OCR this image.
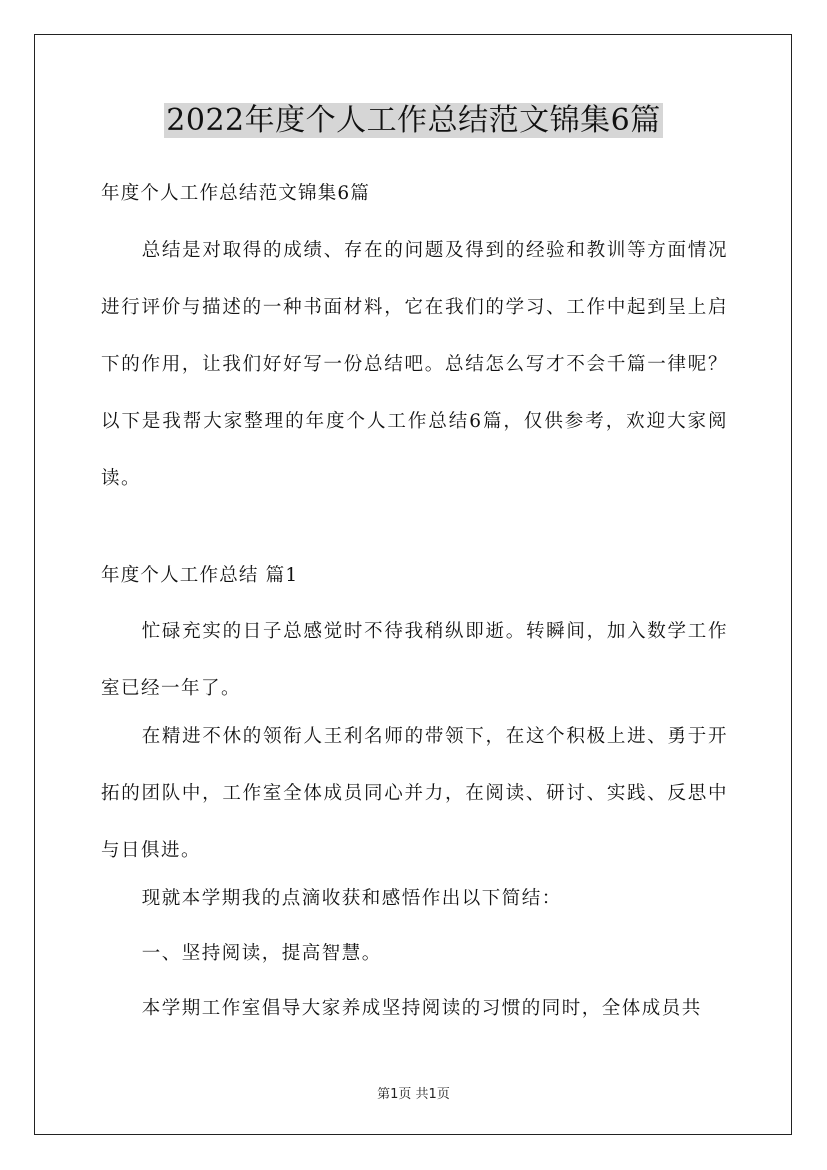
2022年度个人工作总结范文锦集6篇

年度个人工作总结范文锦集6篇

总结是对取得的成绩、存在的问题及得到的经验和教训等方面情况进行评价与描述的一种书面材料，它在我们的学习、工作中起到呈上启下的作用，让我们好好写一份总结吧。总结怎么写才不会千篇一律呢？以下是我帮大家整理的年度个人工作总结6篇，仅供参考，欢迎大家阅读。

年度个人工作总结 篇1

忙碌充实的日子总感觉时不待我稍纵即逝。转瞬间，加入数学工作室已经一年了。

在精进不休的领衔人王利名师的带领下，在这个积极上进、勇于开拓的团队中，工作室全体成员同心并力，在阅读、研讨、实践、反思中与日俱进。

现就本学期我的点滴收获和感悟作出以下简结：

一、坚持阅读，提高智慧。

本学期工作室倡导大家养成坚持阅读的习惯的同时，全体成员共

第1页 共1页
